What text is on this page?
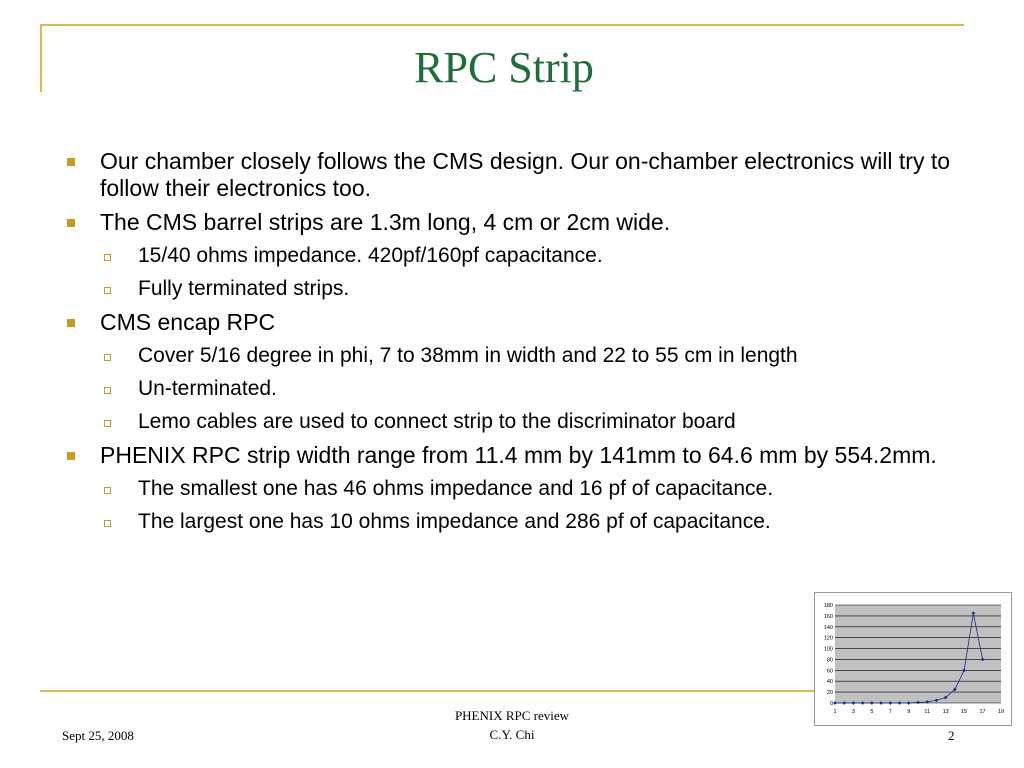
RPC Strip
Our chamber closely follows the CMS design. Our on-chamber electronics will try to follow their electronics too.
The CMS barrel strips are 1.3m long, 4 cm or 2cm wide.
15/40 ohms impedance. 420pf/160pf capacitance.
Fully terminated strips.
CMS encap RPC
Cover 5/16 degree in phi, 7 to 38mm in width and 22 to 55 cm in length
Un-terminated.
Lemo cables are used to connect strip to the discriminator board
PHENIX RPC strip width range from 11.4 mm by 141mm to 64.6 mm by 554.2mm.
The smallest one has 46 ohms impedance and 16 pf of capacitance.
The largest one has 10 ohms impedance and 286 pf of capacitance.
0
20
40
60
80
100
120
140
160
180
1	3	5	7	9	11 13 15 17 19
Sept 25, 2008
PHENIX RPC review
C.Y. Chi	2
